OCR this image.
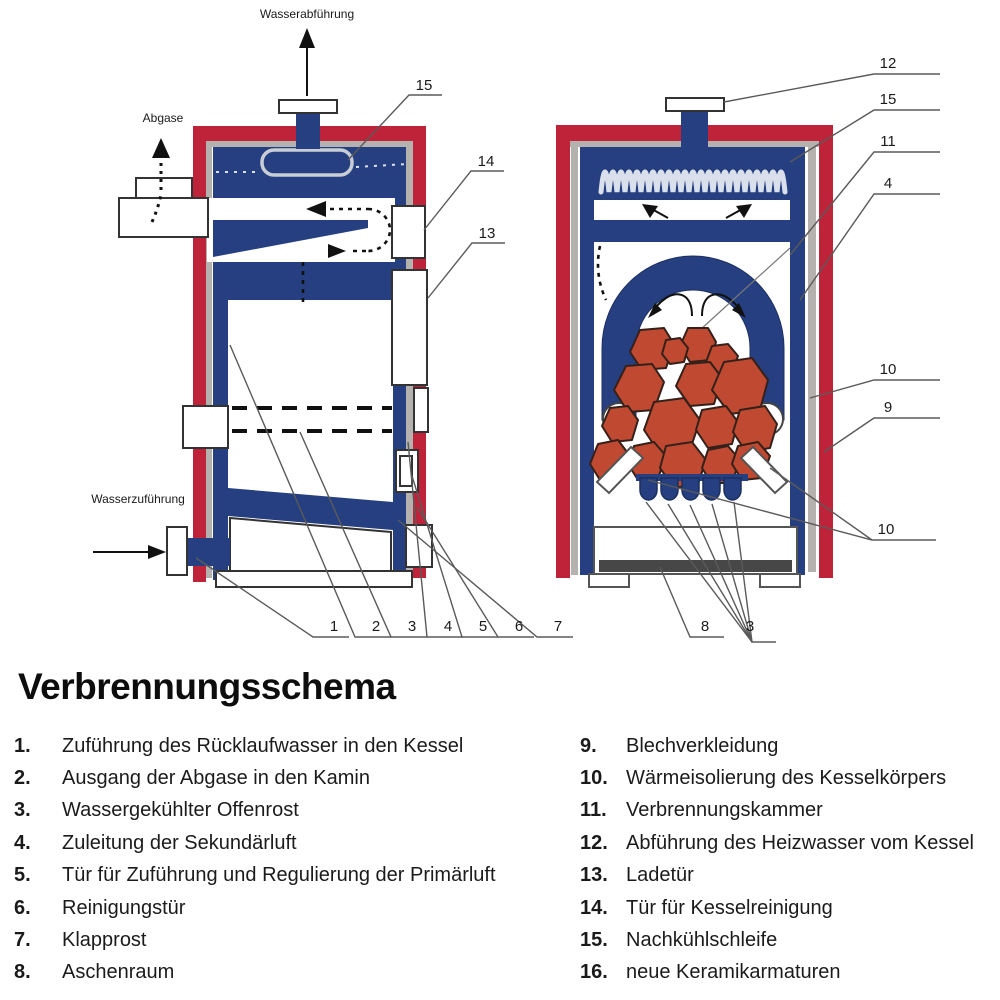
Wasserabführung
Abgase
Wasserzuführung
15
14
13
1 2 3 4 5 6 7
12
15
11
4
10
9
10
8 3
Verbrennungsschema
1.	Zuführung des Rücklaufwasser in den Kessel
2.	Ausgang der Abgase in den Kamin
3.	Wassergekühlter Offenrost
4.	Zuleitung der Sekundärluft
5.	Tür für Zuführung und Regulierung der Primärluft
6.	Reinigungstür
7.	Klapprost
8.	Aschenraum
9.	Blechverkleidung
10. Wärmeisolierung des Kesselkörpers
11. Verbrennungskammer
12. Abführung des Heizwasser vom Kessel
13. Ladetür
14. Tür für Kesselreinigung
15. Nachkühlschleife
16. neue Keramikarmaturen
